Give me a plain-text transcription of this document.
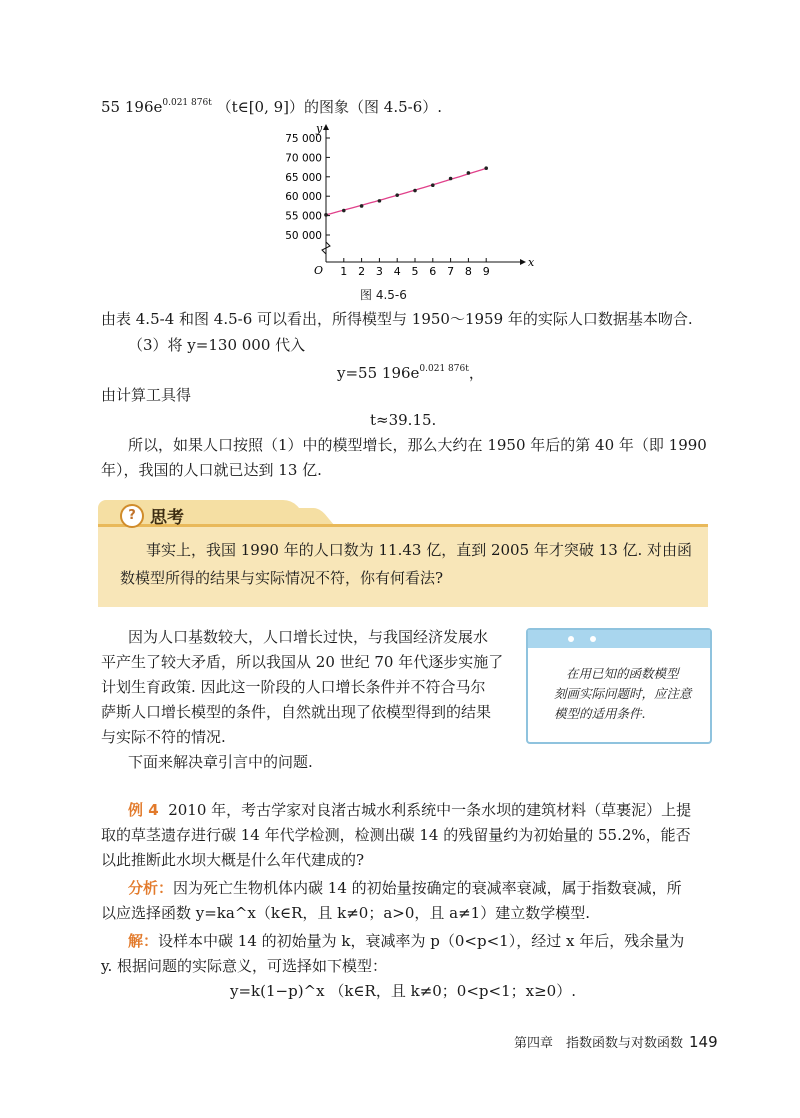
55 $196e^{0.021 876t}$ （t∈[0, 9]）的图象（图 4.5-6）.
x
y
O
50 000
55 000
60 000
65 000
70 000
75 000
1 2 3 4 5 6 7 8 9
图 4.5-6
由表 4.5-4 和图 4.5-6 可以看出，所得模型与 1950～1959 年的实际人口数据基本吻合.
（3）将 y=130 000 代入
y=55 $196e^{0.021 876t}$，
由计算工具得
t≈39.15.
所以，如果人口按照（1）中的模型增长，那么大约在 1950 年后的第 40 年（即 1990
年），我国的人口就已达到 13 亿.
事实上，我国 1990 年的人口数为 11.43 亿，直到 2005 年才突破 13 亿. 对由函
数模型所得的结果与实际情况不符，你有何看法?
? 思考
因为人口基数较大，人口增长过快，与我国经济发展水
平产生了较大矛盾，所以我国从 20 世纪 70 年代逐步实施了
计划生育政策. 因此这一阶段的人口增长条件并不符合马尔
萨斯人口增长模型的条件，自然就出现了依模型得到的结果
与实际不符的情况.
下面来解决章引言中的问题.
在用已知的函数模型
刻画实际问题时，应注意
模型的适用条件.
例 4 2010 年，考古学家对良渚古城水利系统中一条水坝的建筑材料（草裹泥）上提
取的草茎遗存进行碳 14 年代学检测，检测出碳 14 的残留量约为初始量的 55.2%，能否
以此推断此水坝大概是什么年代建成的?
分析：因为死亡生物机体内碳 14 的初始量按确定的衰减率衰减，属于指数衰减，所
以应选择函数 y=ka^x（k∈R，且 k≠0；a>0，且 a≠1）建立数学模型.
解：设样本中碳 14 的初始量为 k，衰减率为 p（0<p<1），经过 x 年后，残余量为
y. 根据问题的实际意义，可选择如下模型：
y=k(1−p)^x （k∈R，且 k≠0；0<p<1；x≥0）.
第四章　指数函数与对数函数 149
